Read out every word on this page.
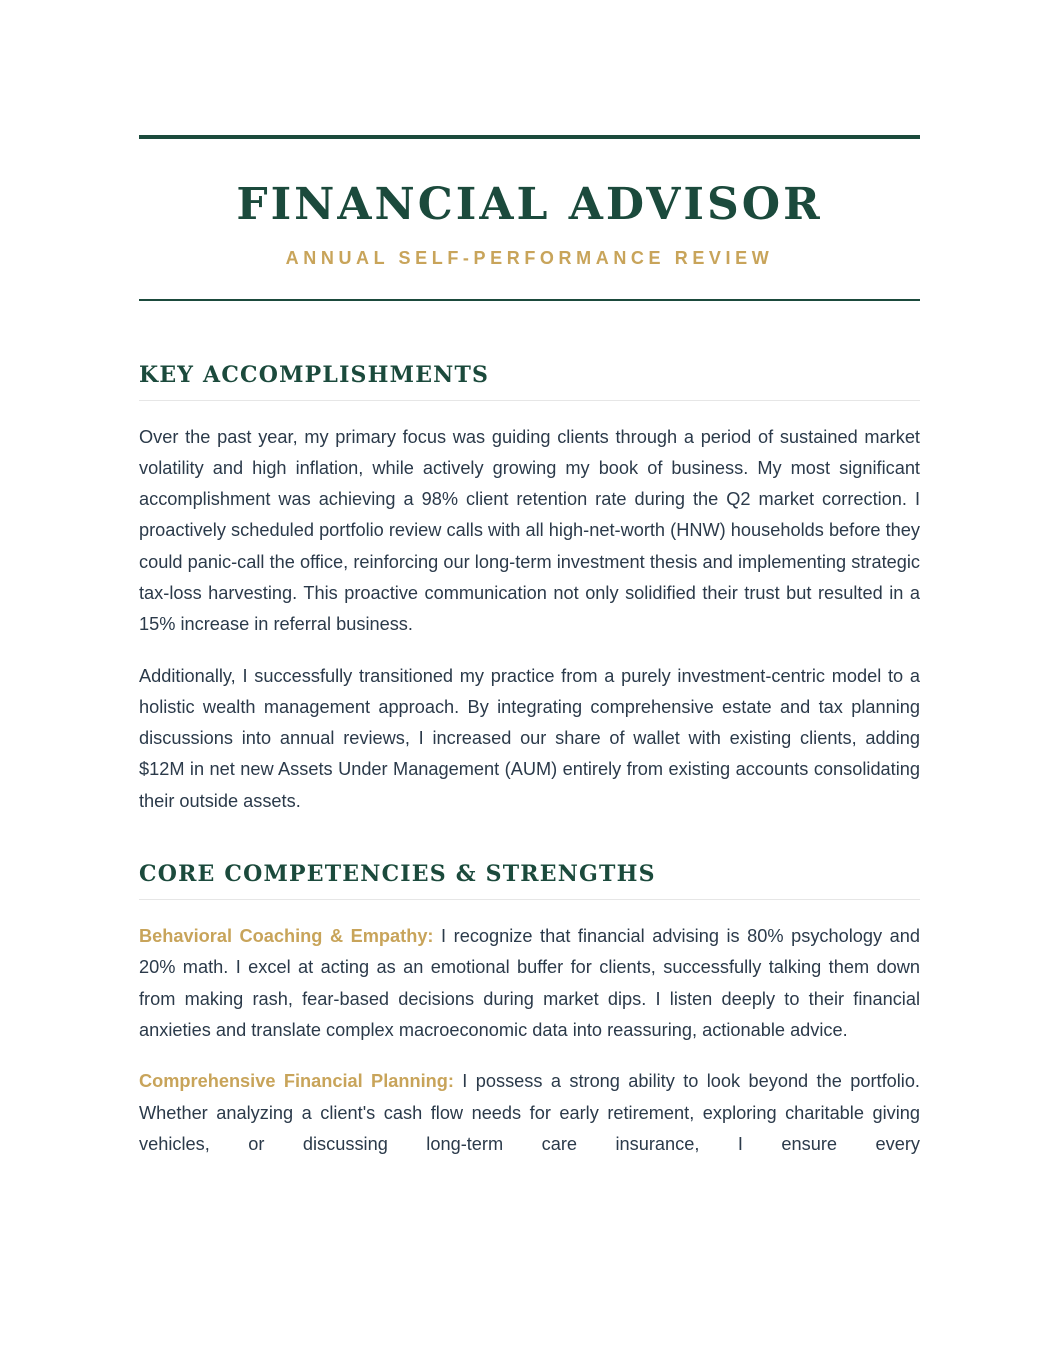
FINANCIAL ADVISOR
ANNUAL SELF-PERFORMANCE REVIEW
KEY ACCOMPLISHMENTS

Over the past year, my primary focus was guiding clients through a period of sustained market volatility and high inflation, while actively growing my book of business. My most significant accomplishment was achieving a 98% client retention rate during the Q2 market correction. I proactively scheduled portfolio review calls with all high-net-worth (HNW) households before they could panic-call the office, reinforcing our long-term investment thesis and implementing strategic tax-loss harvesting. This proactive communication not only solidified their trust but resulted in a 15% increase in referral business.

Additionally, I successfully transitioned my practice from a purely investment-centric model to a holistic wealth management approach. By integrating comprehensive estate and tax planning discussions into annual reviews, I increased our share of wallet with existing clients, adding $12M in net new Assets Under Management (AUM) entirely from existing accounts consolidating their outside assets.

CORE COMPETENCIES & STRENGTHS

Behavioral Coaching & Empathy: I recognize that financial advising is 80% psychology and 20% math. I excel at acting as an emotional buffer for clients, successfully talking them down from making rash, fear-based decisions during market dips. I listen deeply to their financial anxieties and translate complex macroeconomic data into reassuring, actionable advice.

Comprehensive Financial Planning: I possess a strong ability to look beyond the portfolio. Whether analyzing a client's cash flow needs for early retirement, exploring charitable giving vehicles, or discussing long-term care insurance, I ensure every
